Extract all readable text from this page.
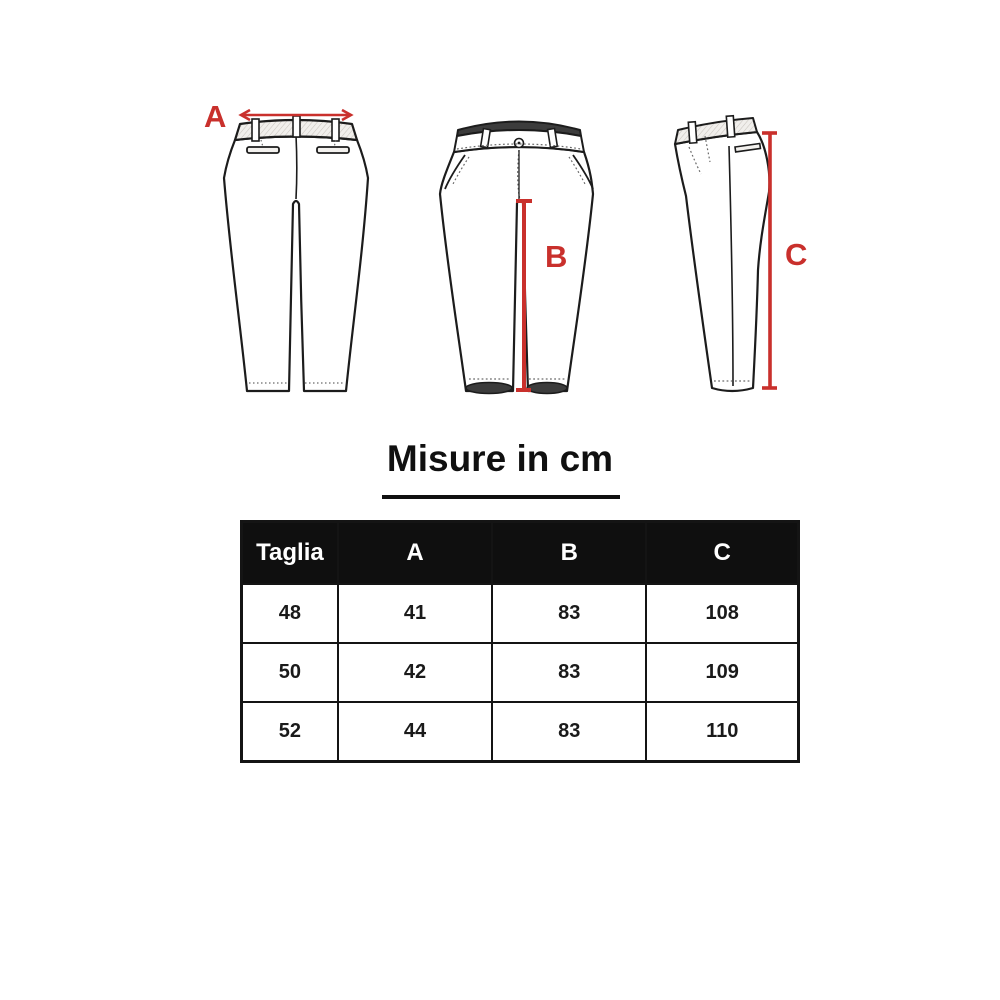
A
B	C
Misure in cm
Taglia	A	B	C
48	41	83	108
50	42	83	109
52	44	83	110
